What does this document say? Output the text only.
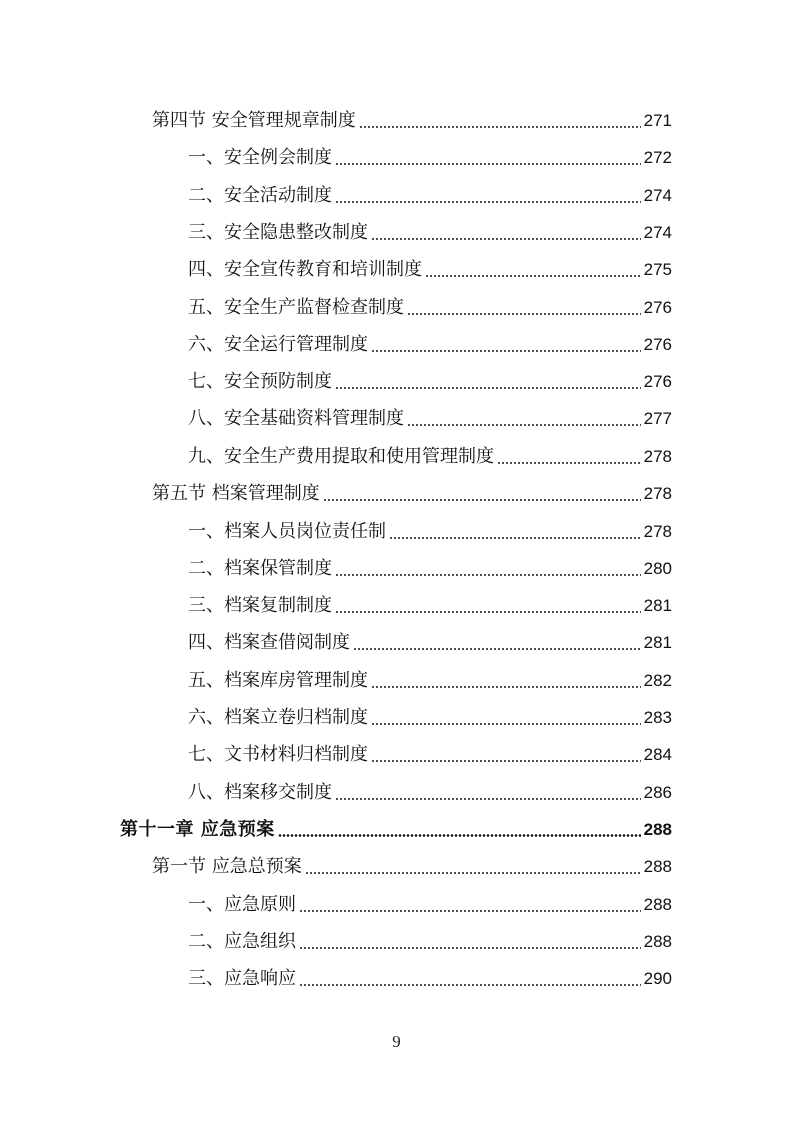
第四节 安全管理规章制度	271
一、安全例会制度	272
二、安全活动制度	274
三、安全隐患整改制度	274
四、安全宣传教育和培训制度	275
五、安全生产监督检查制度	276
六、安全运行管理制度	276
七、安全预防制度	276
八、安全基础资料管理制度	277
九、安全生产费用提取和使用管理制度	278
第五节 档案管理制度	278
一、档案人员岗位责任制	278
二、档案保管制度	280
三、档案复制制度	281
四、档案查借阅制度	281
五、档案库房管理制度	282
六、档案立卷归档制度	283
七、文书材料归档制度	284
八、档案移交制度	286
第十一章 应急预案	288
第一节 应急总预案	288
一、应急原则	288
二、应急组织	288
三、应急响应	290
9
